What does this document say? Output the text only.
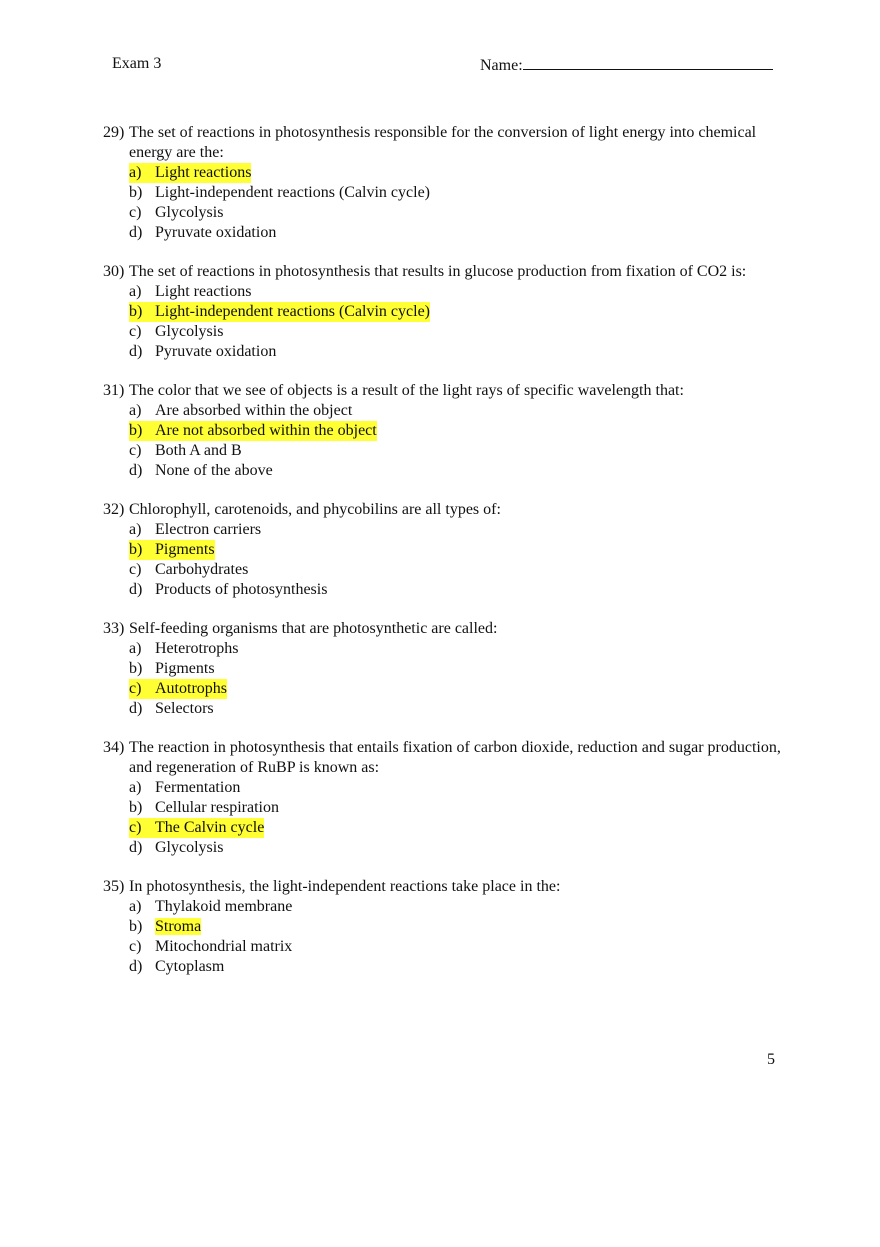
Exam 3	Name:
29) The set of reactions in photosynthesis responsible for the conversion of light energy into chemical energy are the:
a) Light reactions
b) Light-independent reactions (Calvin cycle)
c) Glycolysis
d) Pyruvate oxidation
30) The set of reactions in photosynthesis that results in glucose production from fixation of CO2 is:
a) Light reactions
b) Light-independent reactions (Calvin cycle)
c) Glycolysis
d) Pyruvate oxidation
31) The color that we see of objects is a result of the light rays of specific wavelength that:
a) Are absorbed within the object
b) Are not absorbed within the object
c) Both A and B
d) None of the above
32) Chlorophyll, carotenoids, and phycobilins are all types of:
a) Electron carriers
b) Pigments
c) Carbohydrates
d) Products of photosynthesis
33) Self-feeding organisms that are photosynthetic are called:
a) Heterotrophs
b) Pigments
c) Autotrophs
d) Selectors
34) The reaction in photosynthesis that entails fixation of carbon dioxide, reduction and sugar production, and regeneration of RuBP is known as:
a) Fermentation
b) Cellular respiration
c) The Calvin cycle
d) Glycolysis
35) In photosynthesis, the light-independent reactions take place in the:
a) Thylakoid membrane
b) Stroma
c) Mitochondrial matrix
d) Cytoplasm
5
